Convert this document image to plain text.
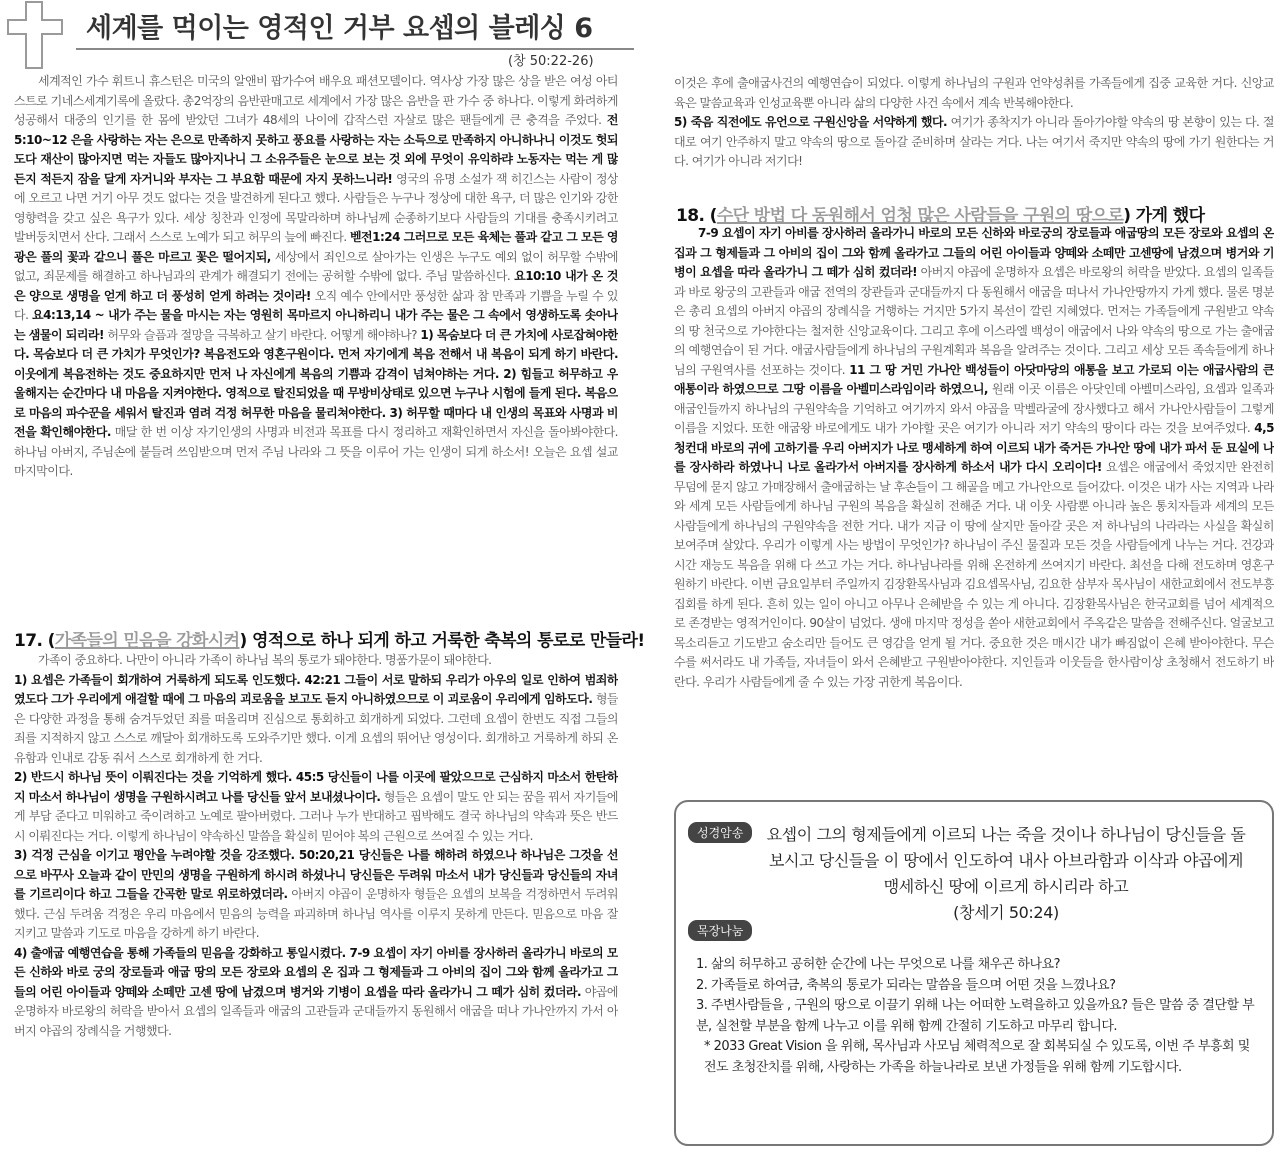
세계를 먹이는 영적인 거부 요셉의 블레싱 6
(창 50:22-26)

세계적인 가수 휘트니 휴스턴은 미국의 알앤비 팝가수여 배우요 패션모델이다. 역사상 가장 많은 상을 받은 여성 아티스트로 기네스세계기록에 올랐다. 총2억장의 음반판매고로 세계에서 가장 많은 음반을 판 가수 중 하나다. 이렇게 화려하게 성공해서 대중의 인기를 한 몸에 받았던 그녀가 48세의 나이에 갑작스런 자살로 많은 팬들에게 큰 충격을 주었다. 전5:10~12 은을 사랑하는 자는 은으로 만족하지 못하고 풍요를 사랑하는 자는 소득으로 만족하지 아니하나니 이것도 헛되도다 재산이 많아지면 먹는 자들도 많아지나니 그 소유주들은 눈으로 보는 것 외에 무엇이 유익하랴 노동자는 먹는 게 많든지 적든지 잠을 달게 자거니와 부자는 그 부요함 때문에 자지 못하느니라! 영국의 유명 소설가 잭 히긴스는 사람이 정상에 오르고 나면 거기 아무 것도 없다는 것을 발견하게 된다고 했다. 사람들은 누구나 정상에 대한 욕구, 더 많은 인기와 강한 영향력을 갖고 싶은 욕구가 있다. 세상 칭찬과 인정에 목말라하며 하나님께 순종하기보다 사람들의 기대를 충족시키려고 발버둥치면서 산다. 그래서 스스로 노예가 되고 허무의 늪에 빠진다. 벧전1:24 그러므로 모든 육체는 풀과 같고 그 모든 영광은 풀의 꽃과 같으니 풀은 마르고 꽃은 떨어지되, 세상에서 죄인으로 살아가는 인생은 누구도 예외 없이 허무할 수밖에 없고, 죄문제를 해결하고 하나님과의 관계가 해결되기 전에는 공허할 수밖에 없다. 주님 말씀하신다. 요10:10 내가 온 것은 양으로 생명을 얻게 하고 더 풍성히 얻게 하려는 것이라! 오직 예수 안에서만 풍성한 삶과 참 만족과 기쁨을 누릴 수 있다. 요4:13,14 ~ 내가 주는 물을 마시는 자는 영원히 목마르지 아니하리니 내가 주는 물은 그 속에서 영생하도록 솟아나는 샘물이 되리라! 허무와 슬픔과 절망을 극복하고 살기 바란다. 어떻게 해야하나? 1) 목숨보다 더 큰 가치에 사로잡혀야한다. 목숨보다 더 큰 가치가 무엇인가? 복음전도와 영혼구원이다. 먼저 자기에게 복음 전해서 내 복음이 되게 하기 바란다. 이웃에게 복음전하는 것도 중요하지만 먼저 나 자신에게 복음의 기쁨과 감격이 넘쳐야하는 거다. 2) 힘들고 허무하고 우울해지는 순간마다 내 마음을 지켜야한다. 영적으로 탈진되었을 때 무방비상태로 있으면 누구나 시험에 들게 된다. 복음으로 마음의 파수꾼을 세워서 탈진과 염려 걱정 허무한 마음을 물리쳐야한다. 3) 허무할 때마다 내 인생의 목표와 사명과 비전을 확인해야한다. 매달 한 번 이상 자기인생의 사명과 비전과 목표를 다시 정리하고 재확인하면서 자신을 돌아봐야한다. 하나님 아버지, 주님손에 붙들려 쓰임받으며 먼저 주님 나라와 그 뜻을 이루어 가는 인생이 되게 하소서! 오늘은 요셉 설교 마지막이다.

17. (가족들의 믿음을 강화시켜) 영적으로 하나 되게 하고 거룩한 축복의 통로로 만들라!

가족이 중요하다. 나만이 아니라 가족이 하나님 복의 통로가 돼야한다. 명품가문이 돼야한다.

1) 요셉은 가족들이 회개하여 거룩하게 되도록 인도했다. 42:21 그들이 서로 말하되 우리가 아우의 일로 인하여 범죄하였도다 그가 우리에게 애걸할 때에 그 마음의 괴로움을 보고도 듣지 아니하였으므로 이 괴로움이 우리에게 임하도다. 형들은 다양한 과정을 통해 숨겨두었던 죄를 떠올리며 진심으로 통회하고 회개하게 되었다. 그런데 요셉이 한번도 직접 그들의 죄를 지적하지 않고 스스로 깨달아 회개하도록 도와주기만 했다. 이게 요셉의 뛰어난 영성이다. 회개하고 거룩하게 하되 온유함과 인내로 감동 줘서 스스로 회개하게 한 거다.

2) 반드시 하나님 뜻이 이뤄진다는 것을 기억하게 했다. 45:5 당신들이 나를 이곳에 팔았으므로 근심하지 마소서 한탄하지 마소서 하나님이 생명을 구원하시려고 나를 당신들 앞서 보내셨나이다. 형들은 요셉이 말도 안 되는 꿈을 꿔서 자기들에게 부담 준다고 미워하고 죽이려하고 노예로 팔아버렸다. 그러나 누가 반대하고 핍박해도 결국 하나님의 약속과 뜻은 반드시 이뤄진다는 거다. 이렇게 하나님이 약속하신 말씀을 확실히 믿어야 복의 근원으로 쓰여질 수 있는 거다.

3) 걱정 근심을 이기고 평안을 누려야할 것을 강조했다. 50:20,21 당신들은 나를 해하려 하였으나 하나님은 그것을 선으로 바꾸사 오늘과 같이 만민의 생명을 구원하게 하시려 하셨나니 당신들은 두려워 마소서 내가 당신들과 당신들의 자녀를 기르리이다 하고 그들을 간곡한 말로 위로하였더라. 아버지 야곱이 운명하자 형들은 요셉의 보복을 걱정하면서 두려워했다. 근심 두려움 걱정은 우리 마음에서 믿음의 능력을 파괴하며 하나님 역사를 이루지 못하게 만든다. 믿음으로 마음 잘 지키고 말씀과 기도로 마음을 강하게 하기 바란다.

4) 출애굽 예행연습을 통해 가족들의 믿음을 강화하고 통일시켰다. 7-9 요셉이 자기 아비를 장사하러 올라가니 바로의 모든 신하와 바로 궁의 장로들과 애굽 땅의 모든 장로와 요셉의 온 집과 그 형제들과 그 아비의 집이 그와 함께 올라가고 그들의 어린 아이들과 양떼와 소떼만 고센 땅에 남겼으며 병거와 기병이 요셉을 따라 올라가니 그 떼가 심히 컸더라. 야곱에 운명하자 바로왕의 허락을 받아서 요셉의 일족들과 애굽의 고관들과 군대들까지 동원해서 애굽을 떠나 가나안까지 가서 아버지 야곱의 장례식을 거행했다.

이것은 후에 출애굽사건의 예행연습이 되었다. 이렇게 하나님의 구원과 언약성취를 가족들에게 집중 교육한 거다. 신앙교육은 말씀교육과 인성교육뿐 아니라 삶의 다양한 사건 속에서 계속 반복해야한다.

5) 죽음 직전에도 유언으로 구원신앙을 서약하게 했다. 여기가 종착지가 아니라 돌아가야할 약속의 땅 본향이 있는 다. 절대로 여기 안주하지 말고 약속의 땅으로 돌아갈 준비하며 살라는 거다. 나는 여기서 죽지만 약속의 땅에 가기 원한다는 거다. 여기가 아니라 저기다!

18. (수단 방법 다 동원해서 엄청 많은 사람들을 구원의 땅으로) 가게 했다

7-9 요셉이 자기 아비를 장사하러 올라가니 바로의 모든 신하와 바로궁의 장로들과 애굽땅의 모든 장로와 요셉의 온 집과 그 형제들과 그 아비의 집이 그와 함께 올라가고 그들의 어린 아이들과 양떼와 소떼만 고센땅에 남겼으며 병거와 기병이 요셉을 따라 올라가니 그 떼가 심히 컸더라! 아버지 야곱에 운명하자 요셉은 바로왕의 허락을 받았다. 요셉의 일족들과 바로 왕궁의 고관들과 애굽 전역의 장관들과 군대들까지 다 동원해서 애굽을 떠나서 가나안땅까지 가게 했다. 물론 명분은 총리 요셉의 아버지 야곱의 장례식을 거행하는 거지만 5가지 복선이 깔린 지혜였다. 먼저는 가족들에게 구원받고 약속의 땅 천국으로 가야한다는 철저한 신앙교육이다. 그리고 후에 이스라엘 백성이 애굽에서 나와 약속의 땅으로 가는 출애굽의 예행연습이 된 거다. 애굽사람들에게 하나님의 구원계획과 복음을 알려주는 것이다. 그리고 세상 모든 족속들에게 하나님의 구원역사를 선포하는 것이다. 11 그 땅 거민 가나안 백성들이 아닷마당의 애통을 보고 가로되 이는 애굽사람의 큰 애통이라 하였으므로 그땅 이름을 아벨미스라임이라 하였으니, 원래 이곳 이름은 아닷인데 아벨미스라임, 요셉과 일족과 애굽인들까지 하나님의 구원약속을 기억하고 여기까지 와서 야곱을 막벨라굴에 장사했다고 해서 가나안사람들이 그렇게 이름을 지었다. 또한 애굽왕 바로에게도 내가 가야할 곳은 여기가 아니라 저기 약속의 땅이다 라는 것을 보여주었다. 4,5 청컨대 바로의 귀에 고하기를 우리 아버지가 나로 맹세하게 하여 이르되 내가 죽거든 가나안 땅에 내가 파서 둔 묘실에 나를 장사하라 하였나니 나로 올라가서 아버지를 장사하게 하소서 내가 다시 오리이다! 요셉은 애굽에서 죽었지만 완전히 무덤에 묻지 않고 가매장해서 출애굽하는 날 후손들이 그 해골을 메고 가나안으로 들어갔다. 이것은 내가 사는 지역과 나라와 세계 모든 사람들에게 하나님 구원의 복음을 확실히 전해준 거다. 내 이웃 사람뿐 아니라 높은 통치자들과 세계의 모든 사람들에게 하나님의 구원약속을 전한 거다. 내가 지금 이 땅에 살지만 돌아갈 곳은 저 하나님의 나라라는 사실을 확실히 보여주며 살았다. 우리가 이렇게 사는 방법이 무엇인가? 하나님이 주신 물질과 모든 것을 사람들에게 나누는 거다. 건강과 시간 재능도 복음을 위해 다 쓰고 가는 거다. 하나님나라를 위해 온전하게 쓰여지기 바란다. 최선을 다해 전도하며 영혼구원하기 바란다. 이번 금요일부터 주일까지 김장환목사님과 김요셉목사님, 김요한 삼부자 목사님이 새한교회에서 전도부흥집회를 하게 된다. 흔히 있는 일이 아니고 아무나 은혜받을 수 있는 게 아니다. 김장환목사님은 한국교회를 넘어 세계적으로 존경받는 영적거인이다. 90살이 넘었다. 생애 마지막 정성을 쏟아 새한교회에서 주옥같은 말씀을 전해주신다. 얼굴보고 목소리듣고 기도받고 숨소리만 들어도 큰 영감을 얻게 될 거다. 중요한 것은 매시간 내가 빠짐없이 은혜 받아야한다. 무슨 수를 써서라도 내 가족들, 자녀들이 와서 은혜받고 구원받아야한다. 지인들과 이웃들을 한사람이상 초청해서 전도하기 바란다. 우리가 사람들에게 줄 수 있는 가장 귀한게 복음이다.

성경암송	요셉이 그의 형제들에게 이르되 나는 죽을 것이나 하나님이 당신들을 돌보시고 당신들을 이 땅에서 인도하여 내사 아브라함과 이삭과 야곱에게 맹세하신 땅에 이르게 하시리라 하고
(창세기 50:24)
목장나눔
1. 삶의 허무하고 공허한 순간에 나는 무엇으로 나를 채우곤 하나요?
2. 가족들로 하여금, 축복의 통로가 되라는 말씀을 들으며 어떤 것을 느꼈나요?
3. 주변사람들을 , 구원의 땅으로 이끌기 위해 나는 어떠한 노력을하고 있을까요? 들은 말씀 중 결단할 부분, 실천할 부분을 함께 나누고 이를 위해 함께 간절히 기도하고 마무리 합니다.
* 2033 Great Vision 을 위해, 목사님과 사모님 체력적으로 잘 회복되실 수 있도록, 이번 주 부흥회 및 전도 초청잔치를 위해, 사랑하는 가족을 하늘나라로 보낸 가정들을 위해 함께 기도합시다.
